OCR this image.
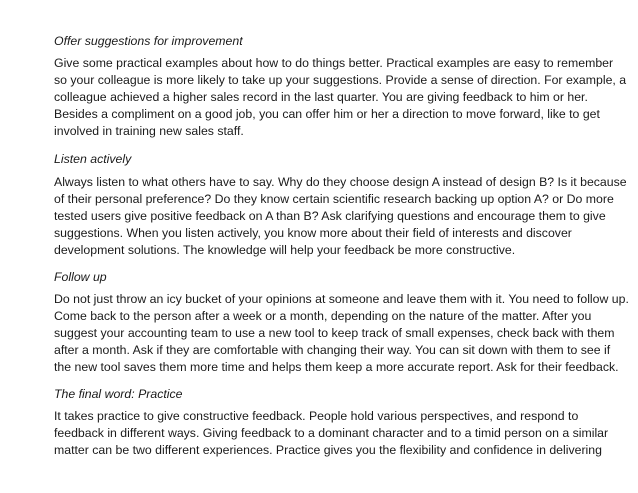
Offer suggestions for improvement

Give some practical examples about how to do things better. Practical examples are easy to remember
so your colleague is more likely to take up your suggestions. Provide a sense of direction. For example, a
colleague achieved a higher sales record in the last quarter. You are giving feedback to him or her.
Besides a compliment on a good job, you can offer him or her a direction to move forward, like to get
involved in training new sales staff.

Listen actively

Always listen to what others have to say. Why do they choose design A instead of design B? Is it because
of their personal preference? Do they know certain scientific research backing up option A? or Do more
tested users give positive feedback on A than B? Ask clarifying questions and encourage them to give
suggestions. When you listen actively, you know more about their field of interests and discover
development solutions. The knowledge will help your feedback be more constructive.

Follow up

Do not just throw an icy bucket of your opinions at someone and leave them with it. You need to follow up.
Come back to the person after a week or a month, depending on the nature of the matter. After you
suggest your accounting team to use a new tool to keep track of small expenses, check back with them
after a month. Ask if they are comfortable with changing their way. You can sit down with them to see if
the new tool saves them more time and helps them keep a more accurate report. Ask for their feedback.

The final word: Practice

It takes practice to give constructive feedback. People hold various perspectives, and respond to
feedback in different ways. Giving feedback to a dominant character and to a timid person on a similar
matter can be two different experiences. Practice gives you the flexibility and confidence in delivering
